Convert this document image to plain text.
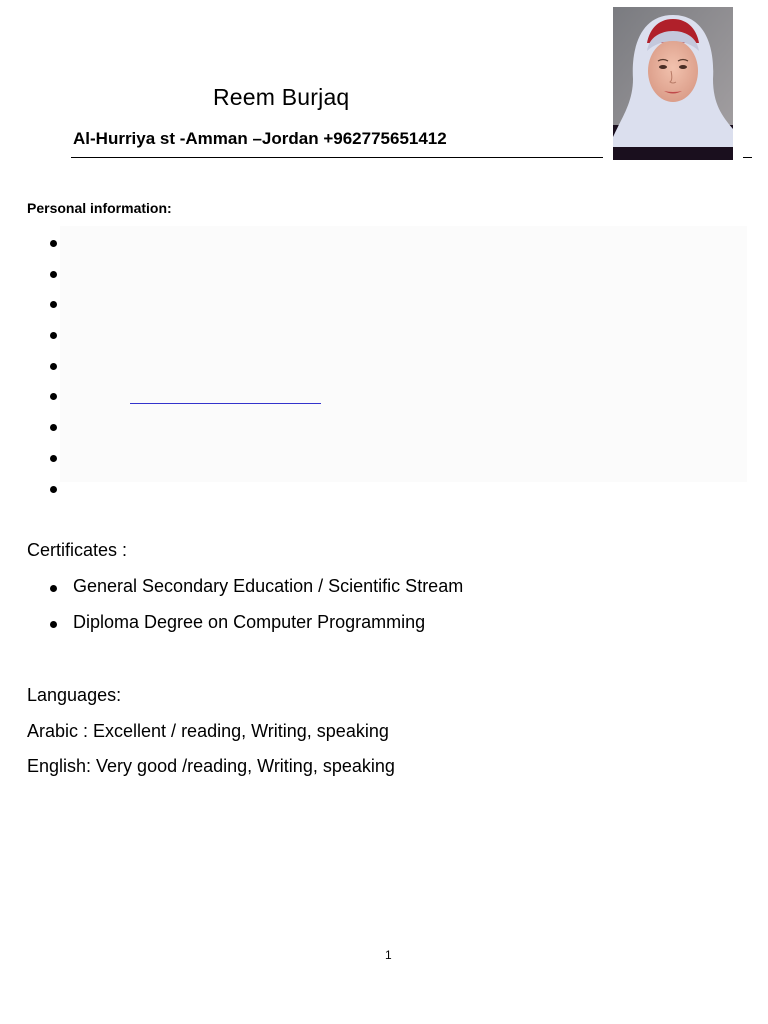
Reem Burjaq
Al-Hurriya st -Amman –Jordan +962775651412
Personal information:
Certificates :
General Secondary Education / Scientific Stream
Diploma Degree on Computer Programming
Languages:
Arabic : Excellent / reading, Writing, speaking
English: Very good /reading, Writing, speaking
1
